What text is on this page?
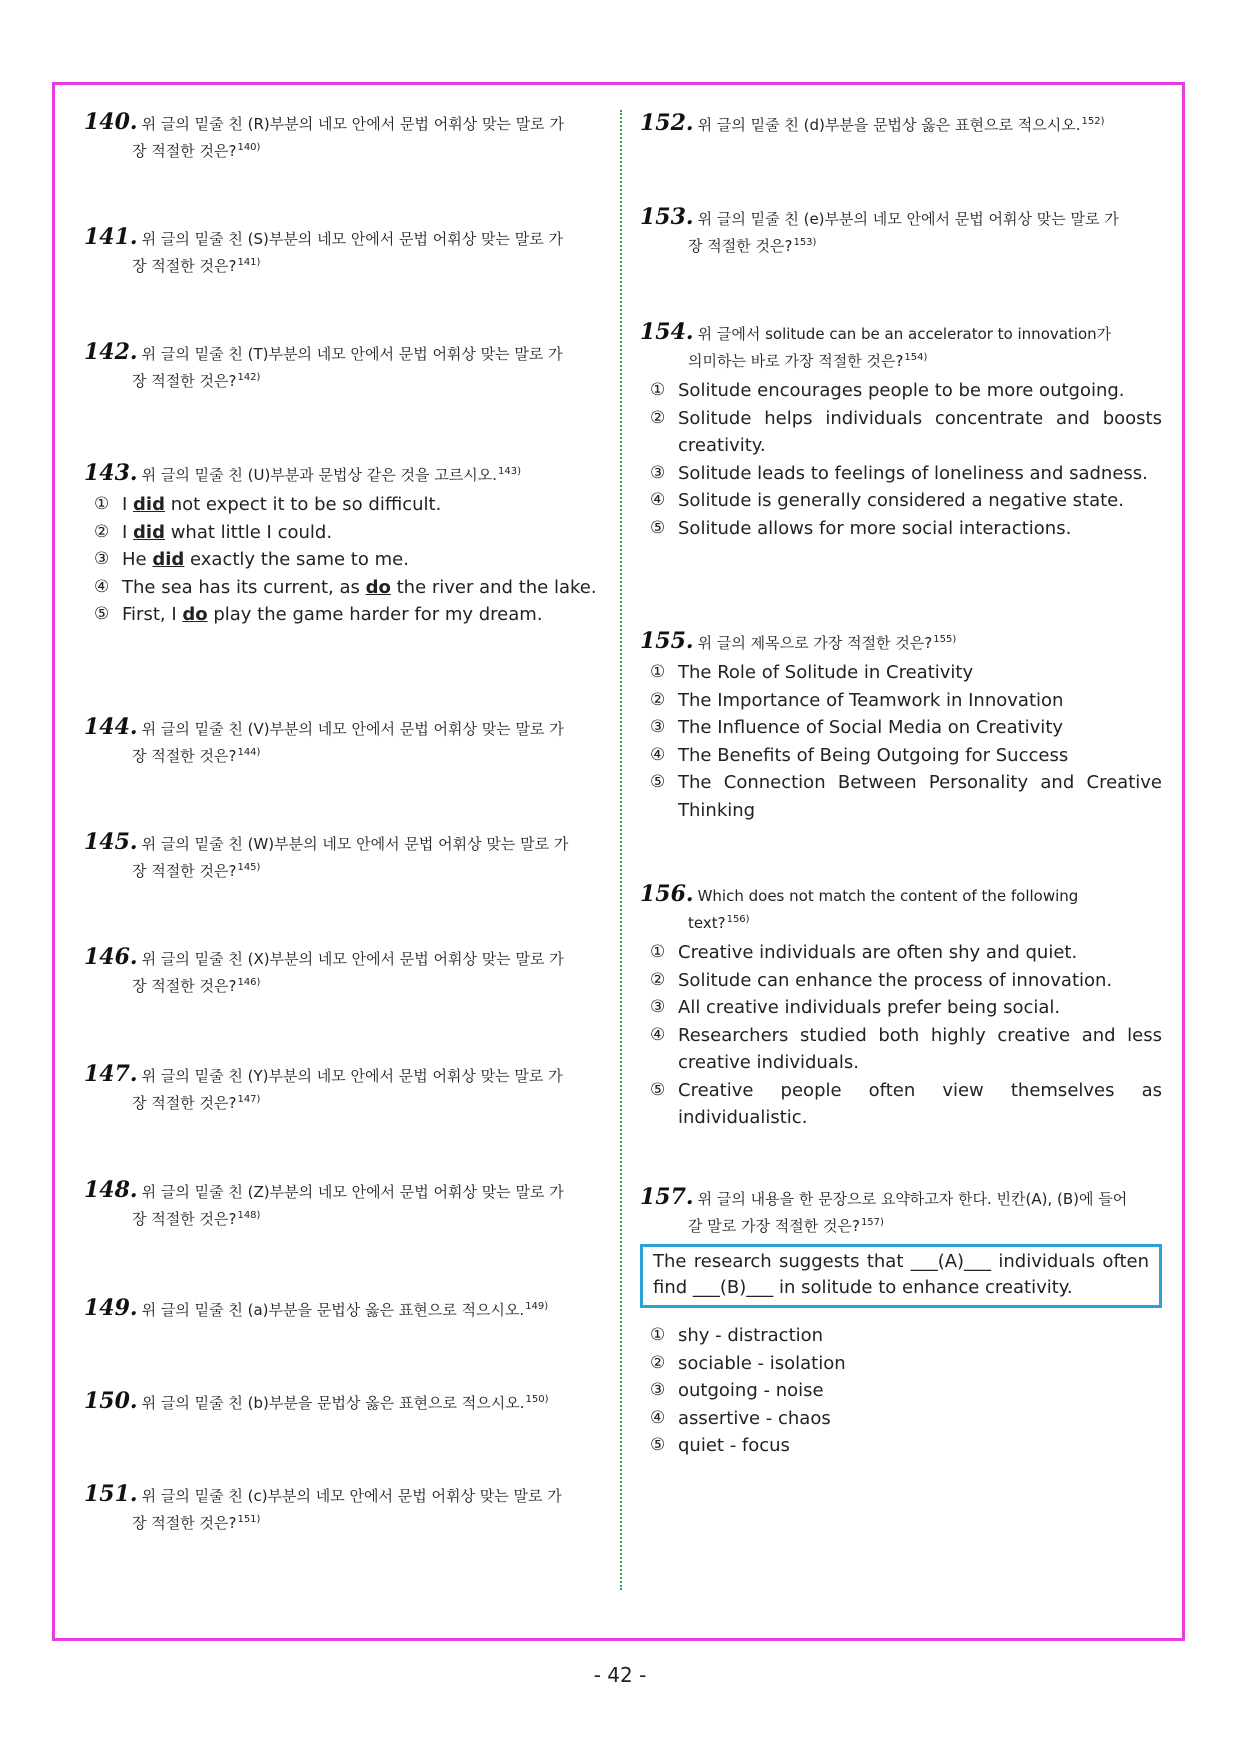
140. 위 글의 밑줄 친 (R)부분의 네모 안에서 문법 어휘상 맞는 말로 가
장 적절한 것은?$^{140)}$
141. 위 글의 밑줄 친 (S)부분의 네모 안에서 문법 어휘상 맞는 말로 가
장 적절한 것은?$^{141)}$
142. 위 글의 밑줄 친 (T)부분의 네모 안에서 문법 어휘상 맞는 말로 가
장 적절한 것은?$^{142)}$
143. 위 글의 밑줄 친 (U)부분과 문법상 같은 것을 고르시오.$^{143)}$
① I did not expect it to be so difficult.
② I did what little I could.
③ He did exactly the same to me.
④ The sea has its current, as do the river and the lake.
⑤ First, I do play the game harder for my dream.
144. 위 글의 밑줄 친 (V)부분의 네모 안에서 문법 어휘상 맞는 말로 가
장 적절한 것은?$^{144)}$
145. 위 글의 밑줄 친 (W)부분의 네모 안에서 문법 어휘상 맞는 말로 가
장 적절한 것은?$^{145)}$
146. 위 글의 밑줄 친 (X)부분의 네모 안에서 문법 어휘상 맞는 말로 가
장 적절한 것은?$^{146)}$
147. 위 글의 밑줄 친 (Y)부분의 네모 안에서 문법 어휘상 맞는 말로 가
장 적절한 것은?$^{147)}$
148. 위 글의 밑줄 친 (Z)부분의 네모 안에서 문법 어휘상 맞는 말로 가
장 적절한 것은?$^{148)}$
149. 위 글의 밑줄 친 (a)부분을 문법상 옳은 표현으로 적으시오.$^{149)}$
150. 위 글의 밑줄 친 (b)부분을 문법상 옳은 표현으로 적으시오.$^{150)}$
151. 위 글의 밑줄 친 (c)부분의 네모 안에서 문법 어휘상 맞는 말로 가
장 적절한 것은?$^{151)}$
152. 위 글의 밑줄 친 (d)부분을 문법상 옳은 표현으로 적으시오.$^{152)}$
153. 위 글의 밑줄 친 (e)부분의 네모 안에서 문법 어휘상 맞는 말로 가
장 적절한 것은?$^{153)}$
154. 위 글에서 solitude can be an accelerator to innovation가
의미하는 바로 가장 적절한 것은?$^{154)}$
① Solitude encourages people to be more outgoing.
② Solitude helps individuals concentrate and boosts creativity.
③ Solitude leads to feelings of loneliness and sadness.
④ Solitude is generally considered a negative state.
⑤ Solitude allows for more social interactions.
155. 위 글의 제목으로 가장 적절한 것은?$^{155)}$
① The Role of Solitude in Creativity
② The Importance of Teamwork in Innovation
③ The Influence of Social Media on Creativity
④ The Benefits of Being Outgoing for Success
⑤ The Connection Between Personality and Creative Thinking
156. Which does not match the content of the following
text?$^{156)}$
① Creative individuals are often shy and quiet.
② Solitude can enhance the process of innovation.
③ All creative individuals prefer being social.
④ Researchers studied both highly creative and less creative individuals.
⑤ Creative people often view themselves as individualistic.
157. 위 글의 내용을 한 문장으로 요약하고자 한다. 빈칸(A), (B)에 들어
갈 말로 가장 적절한 것은?$^{157)}$
The research suggests that ___(A)___ individuals often find ___(B)___ in solitude to enhance creativity.
① shy - distraction
② sociable - isolation
③ outgoing - noise
④ assertive - chaos
⑤ quiet - focus
- 42 -
